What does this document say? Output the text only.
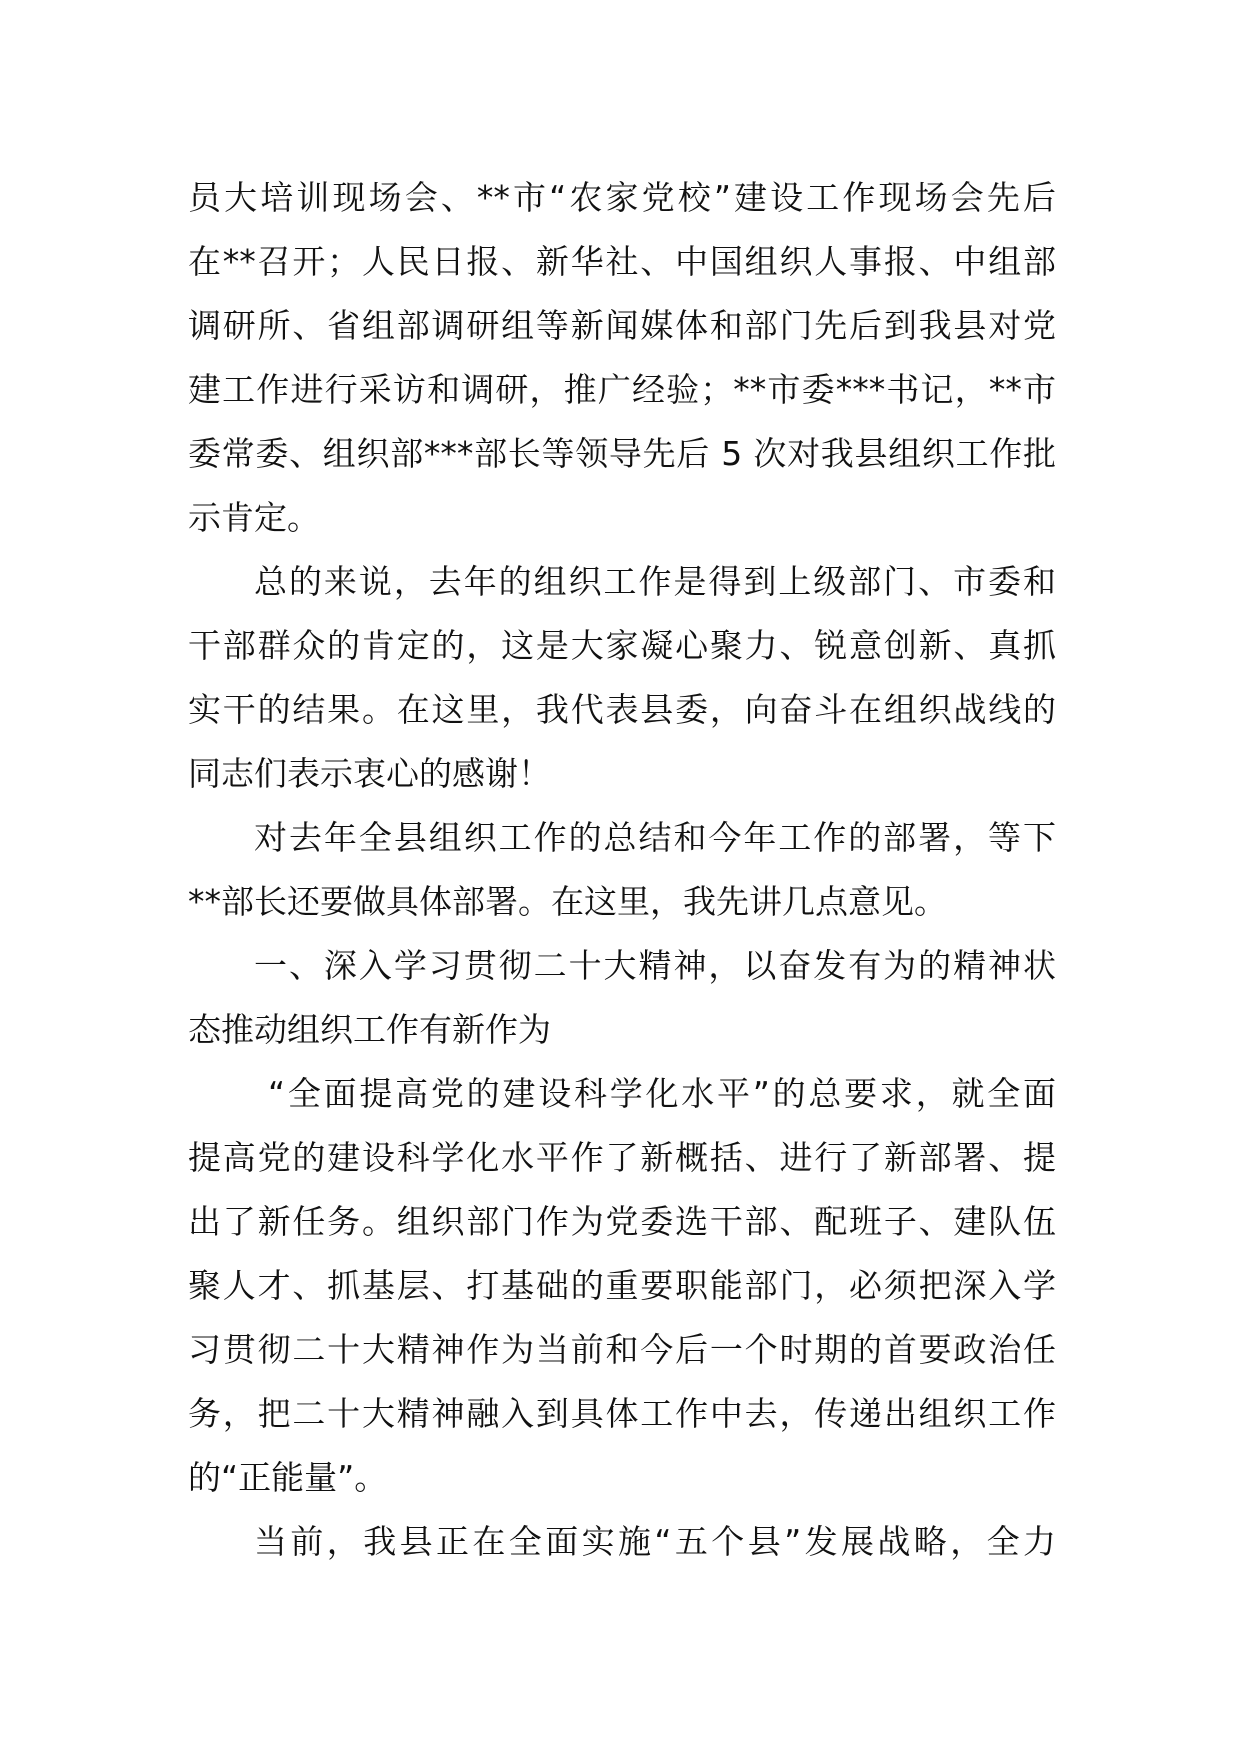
员大培训现场会、**市“农家党校”建设工作现场会先后
在**召开；人民日报、新华社、中国组织人事报、中组部
调研所、省组部调研组等新闻媒体和部门先后到我县对党
建工作进行采访和调研，推广经验；**市委***书记，**市
委常委、组织部***部长等领导先后 5 次对我县组织工作批
示肯定。
总的来说，去年的组织工作是得到上级部门、市委和
干部群众的肯定的，这是大家凝心聚力、锐意创新、真抓
实干的结果。在这里，我代表县委，向奋斗在组织战线的
同志们表示衷心的感谢！
对去年全县组织工作的总结和今年工作的部署，等下
**部长还要做具体部署。在这里，我先讲几点意见。
一、深入学习贯彻二十大精神，以奋发有为的精神状
态推动组织工作有新作为
“全面提高党的建设科学化水平”的总要求，就全面
提高党的建设科学化水平作了新概括、进行了新部署、提
出了新任务。组织部门作为党委选干部、配班子、建队伍
聚人才、抓基层、打基础的重要职能部门，必须把深入学
习贯彻二十大精神作为当前和今后一个时期的首要政治任
务，把二十大精神融入到具体工作中去，传递出组织工作
的“正能量”。
当前，我县正在全面实施“五个县”发展战略，全力
